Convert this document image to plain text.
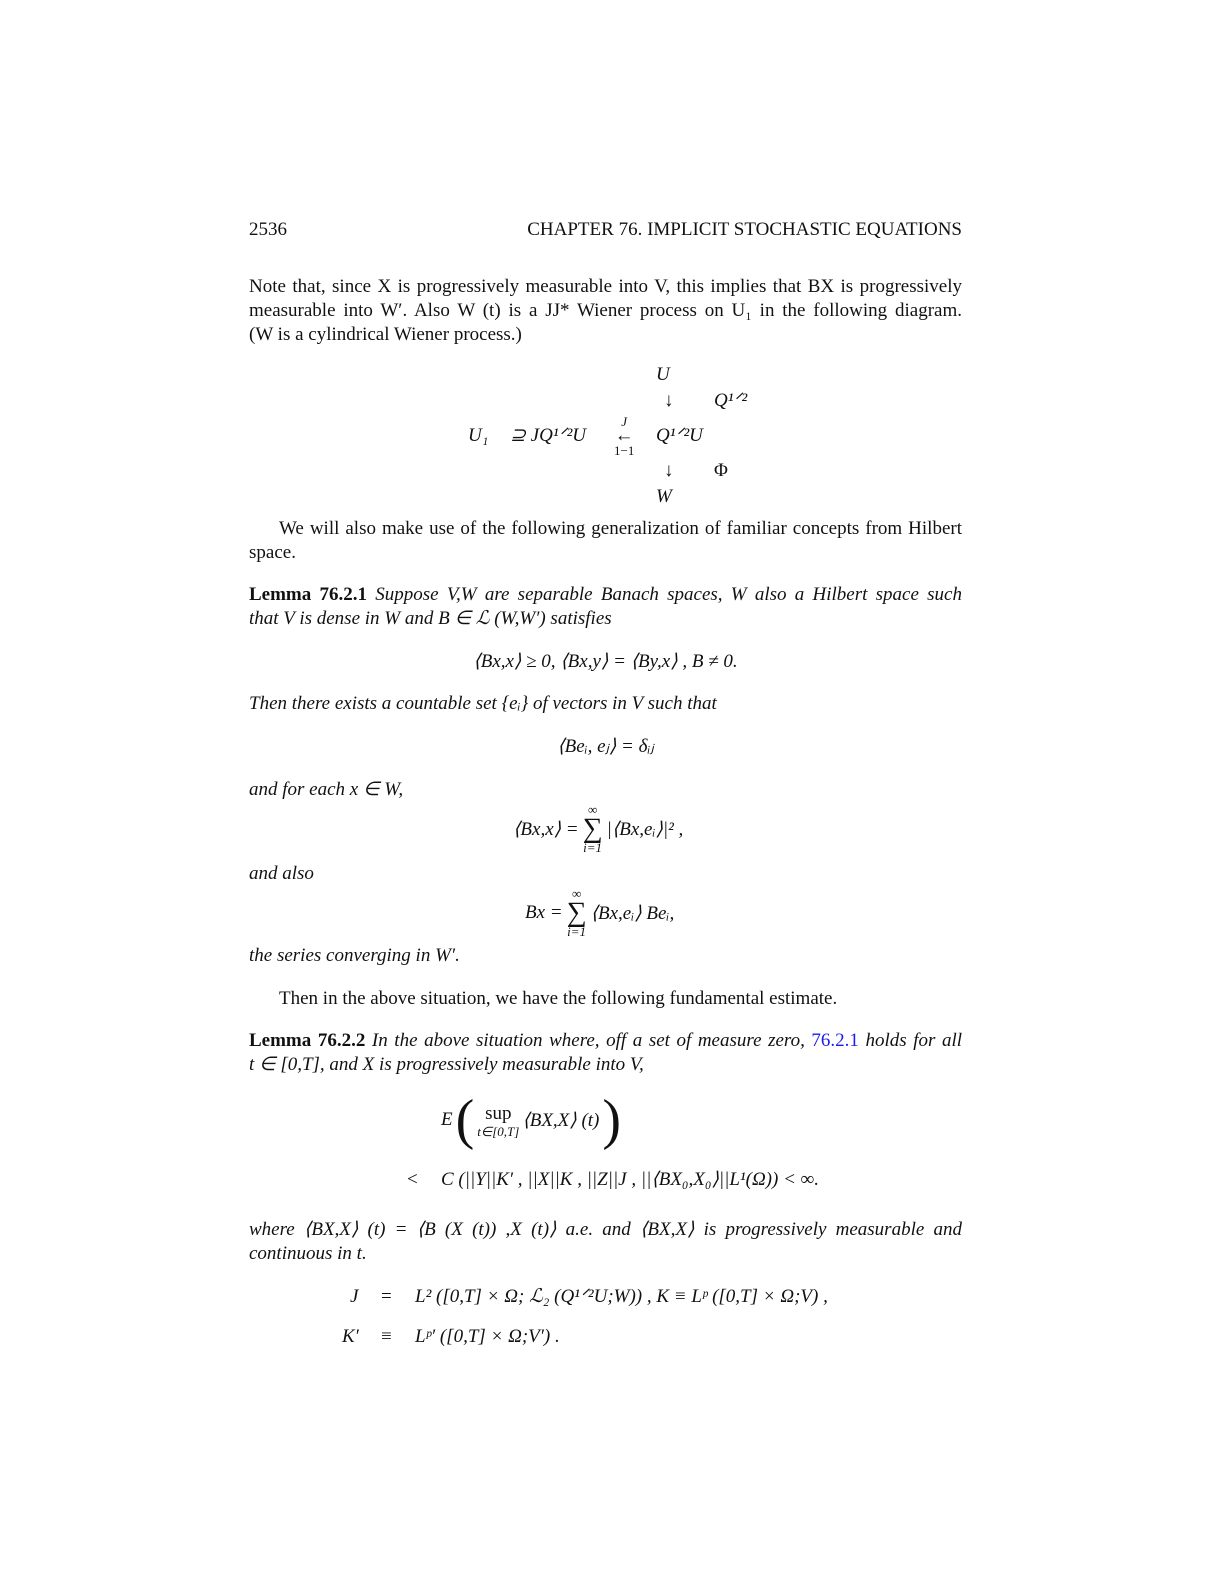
2536	CHAPTER 76. IMPLICIT STOCHASTIC EQUATIONS
Note that, since X is progressively measurable into V, this implies that BX is progressively
measurable into W′. Also W (t) is a JJ* Wiener process on U₁ in the following diagram.
(W is a cylindrical Wiener process.)
U
↓	Q¹ᐟ²
U₁	⊇ JQ¹ᐟ²U
J
←
1−1
Q¹ᐟ²U
↓	Φ
W
We will also make use of the following generalization of familiar concepts from Hilbert
space.
Lemma 76.2.1 Suppose V,W are separable Banach spaces, W also a Hilbert space such
that V is dense in W and B ∈ ℒ (W,W′) satisfies
⟨Bx,x⟩ ≥ 0, ⟨Bx,y⟩ = ⟨By,x⟩ , B ≠ 0.
Then there exists a countable set {eᵢ} of vectors in V such that
⟨Beᵢ, eⱼ⟩ = δᵢⱼ
and for each x ∈ W,
⟨Bx,x⟩ =
∞
∑
i=1
|⟨Bx,eᵢ⟩|² ,
and also
Bx =
∞
∑
i=1
⟨Bx,eᵢ⟩ Beᵢ,
the series converging in W′.
Then in the above situation, we have the following fundamental estimate.
Lemma 76.2.2 In the above situation where, off a set of measure zero, 76.2.1 holds for all
t ∈ [0,T], and X is progressively measurable into V,
E ( sup
t∈[0,T]
⟨BX,X⟩ (t) )
< C (||Y||K′ , ||X||K , ||Z||J , ||⟨BX₀,X₀⟩||L¹(Ω)) < ∞.
where ⟨BX,X⟩ (t) = ⟨B (X (t)) ,X (t)⟩ a.e. and ⟨BX,X⟩ is progressively measurable and
continuous in t.
J = L² ([0,T] × Ω; ℒ₂ (Q¹ᐟ²U;W)) , K ≡ Lᵖ ([0,T] × Ω;V) ,
K′ ≡ Lᵖ′ ([0,T] × Ω;V′) .
